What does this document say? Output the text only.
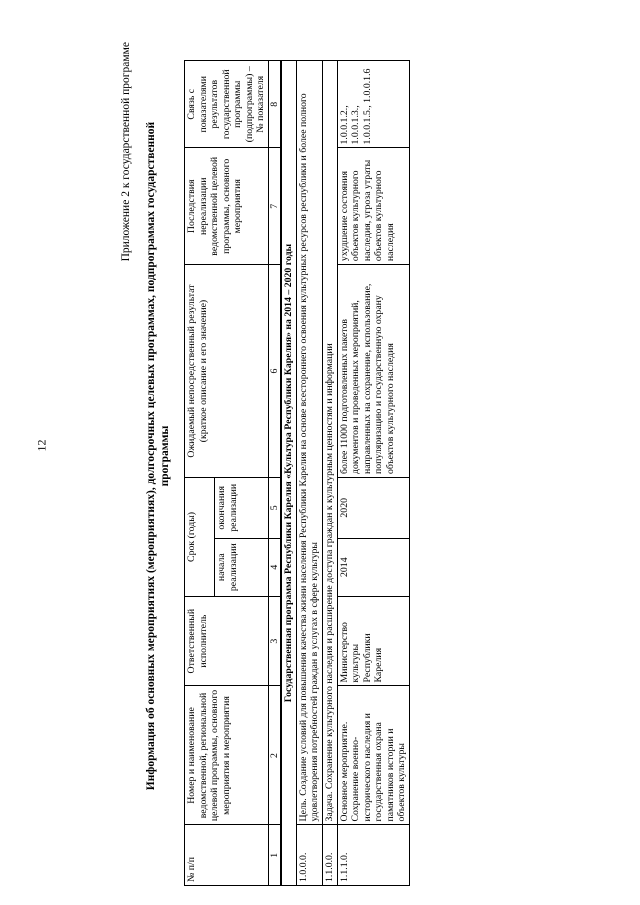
12
Приложение 2 к государственной программе Информация об основных мероприятиях (мероприятиях), долгосрочных целевых программах, подпрограммах государственной программы
№ п/п	Номер и наименование ведомственной, региональной целевой программы, основного мероприятия и мероприятия	Ответственный исполнитель	Срок (годы)		Ожидаемый непосредственный результат (краткое описание и его значение)	Последствия нереализации ведомственной целевой программы, основного мероприятия	Связь с показателями результатов государственной программы (подпрограммы) – № показателя
			начала реализации	окончания реализации			
1	2	3	4	5	6	7	8
Государственная программа Республики Карелия «Культура Республики Карелия» на 2014 – 2020 годы							
1.0.0.0.	Цель. Создание условий для повышения качества жизни населения Республики Карелия на основе всестороннего освоения культурных ресурсов республики и более полного удовлетворения потребностей граждан в услугах в сфере культуры						
1.1.0.0.	Задача. Сохранение культурного наследия и расширение доступа граждан к культурным ценностям и информации						
1.1.1.0.	Основное мероприятие. Сохранение военно-исторического наследия и государственная охрана памятников истории и объектов культуры	Министерство культуры Республики Карелия	2014	2020	более 11000 подготовленных пакетов документов и проведенных мероприятий, направленных на сохранение, использование, популяризацию и государственную охрану объектов культурного наследия	ухудшение состояния объектов культурного наследия, угроза утраты объектов культурного наследия	1.0.0.1.2., 1.0.0.1.3., 1.0.0.1.5., 1.0.0.1.6
